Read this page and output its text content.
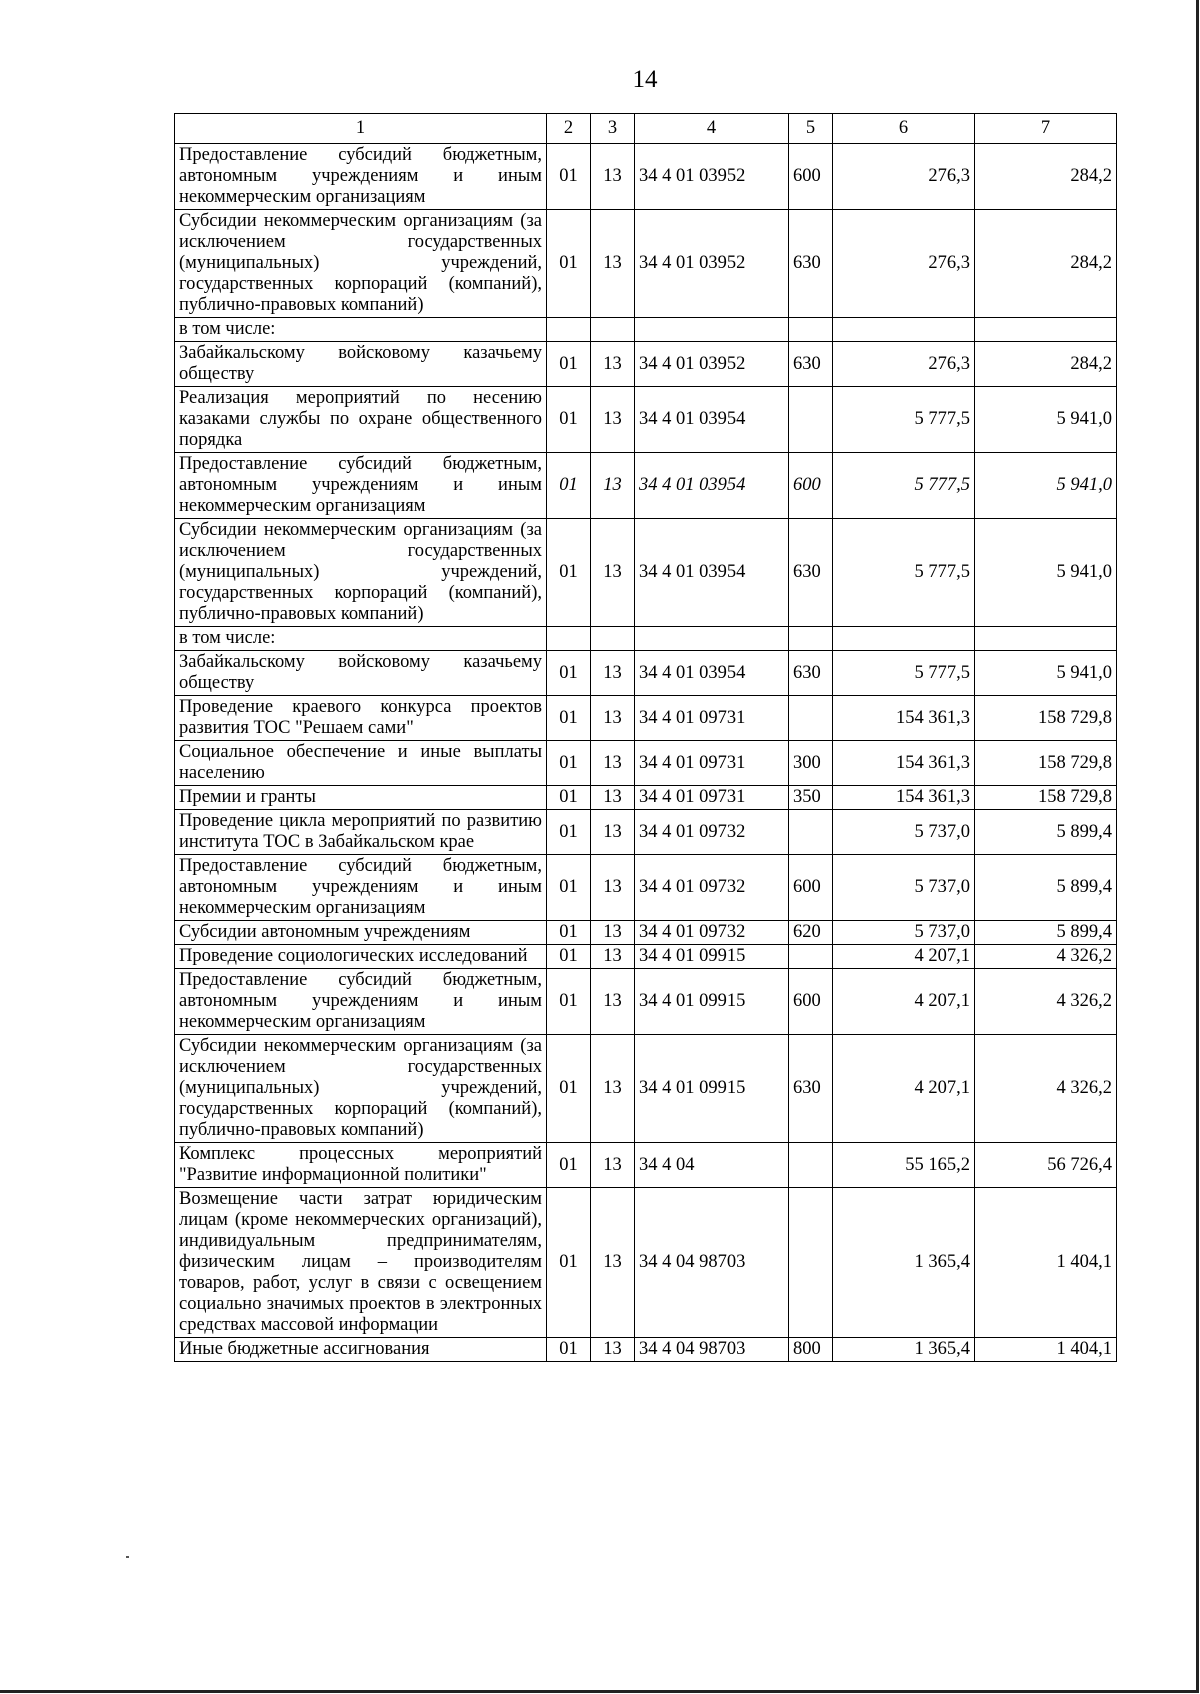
14
1	2	3	4	5	6	7
Предоставление субсидий бюджетным, автономным учреждениям и иным некоммерческим организациям	01	13	34 4 01 03952	600	276,3	284,2
Субсидии некоммерческим организациям (за исключением государственных (муниципальных) учреждений, государственных корпораций (компаний), публично-правовых компаний)	01	13	34 4 01 03952	630	276,3	284,2
в том числе:						
Забайкальскому войсковому казачьему обществу	01	13	34 4 01 03952	630	276,3	284,2
Реализация мероприятий по несению казаками службы по охране общественного порядка	01	13	34 4 01 03954		5 777,5	5 941,0
Предоставление субсидий бюджетным, автономным учреждениям и иным некоммерческим организациям	01	13	34 4 01 03954	600	5 777,5	5 941,0
Субсидии некоммерческим организациям (за исключением государственных (муниципальных) учреждений, государственных корпораций (компаний), публично-правовых компаний)	01	13	34 4 01 03954	630	5 777,5	5 941,0
в том числе:						
Забайкальскому войсковому казачьему обществу	01	13	34 4 01 03954	630	5 777,5	5 941,0
Проведение краевого конкурса проектов развития ТОС "Решаем сами"	01	13	34 4 01 09731		154 361,3	158 729,8
Социальное обеспечение и иные выплаты населению	01	13	34 4 01 09731	300	154 361,3	158 729,8
Премии и гранты	01	13	34 4 01 09731	350	154 361,3	158 729,8
Проведение цикла мероприятий по развитию института ТОС в Забайкальском крае	01	13	34 4 01 09732		5 737,0	5 899,4
Предоставление субсидий бюджетным, автономным учреждениям и иным некоммерческим организациям	01	13	34 4 01 09732	600	5 737,0	5 899,4
Субсидии автономным учреждениям	01	13	34 4 01 09732	620	5 737,0	5 899,4
Проведение социологических исследований	01	13	34 4 01 09915		4 207,1	4 326,2
Предоставление субсидий бюджетным, автономным учреждениям и иным некоммерческим организациям	01	13	34 4 01 09915	600	4 207,1	4 326,2
Субсидии некоммерческим организациям (за исключением государственных (муниципальных) учреждений, государственных корпораций (компаний), публично-правовых компаний)	01	13	34 4 01 09915	630	4 207,1	4 326,2
Комплекс процессных мероприятий "Развитие информационной политики"	01	13	34 4 04		55 165,2	56 726,4
Возмещение части затрат юридическим лицам (кроме некоммерческих организаций), индивидуальным предпринимателям, физическим лицам – производителям товаров, работ, услуг в связи с освещением социально значимых проектов в электронных средствах массовой информации	01	13	34 4 04 98703		1 365,4	1 404,1
Иные бюджетные ассигнования	01	13	34 4 04 98703	800	1 365,4	1 404,1
